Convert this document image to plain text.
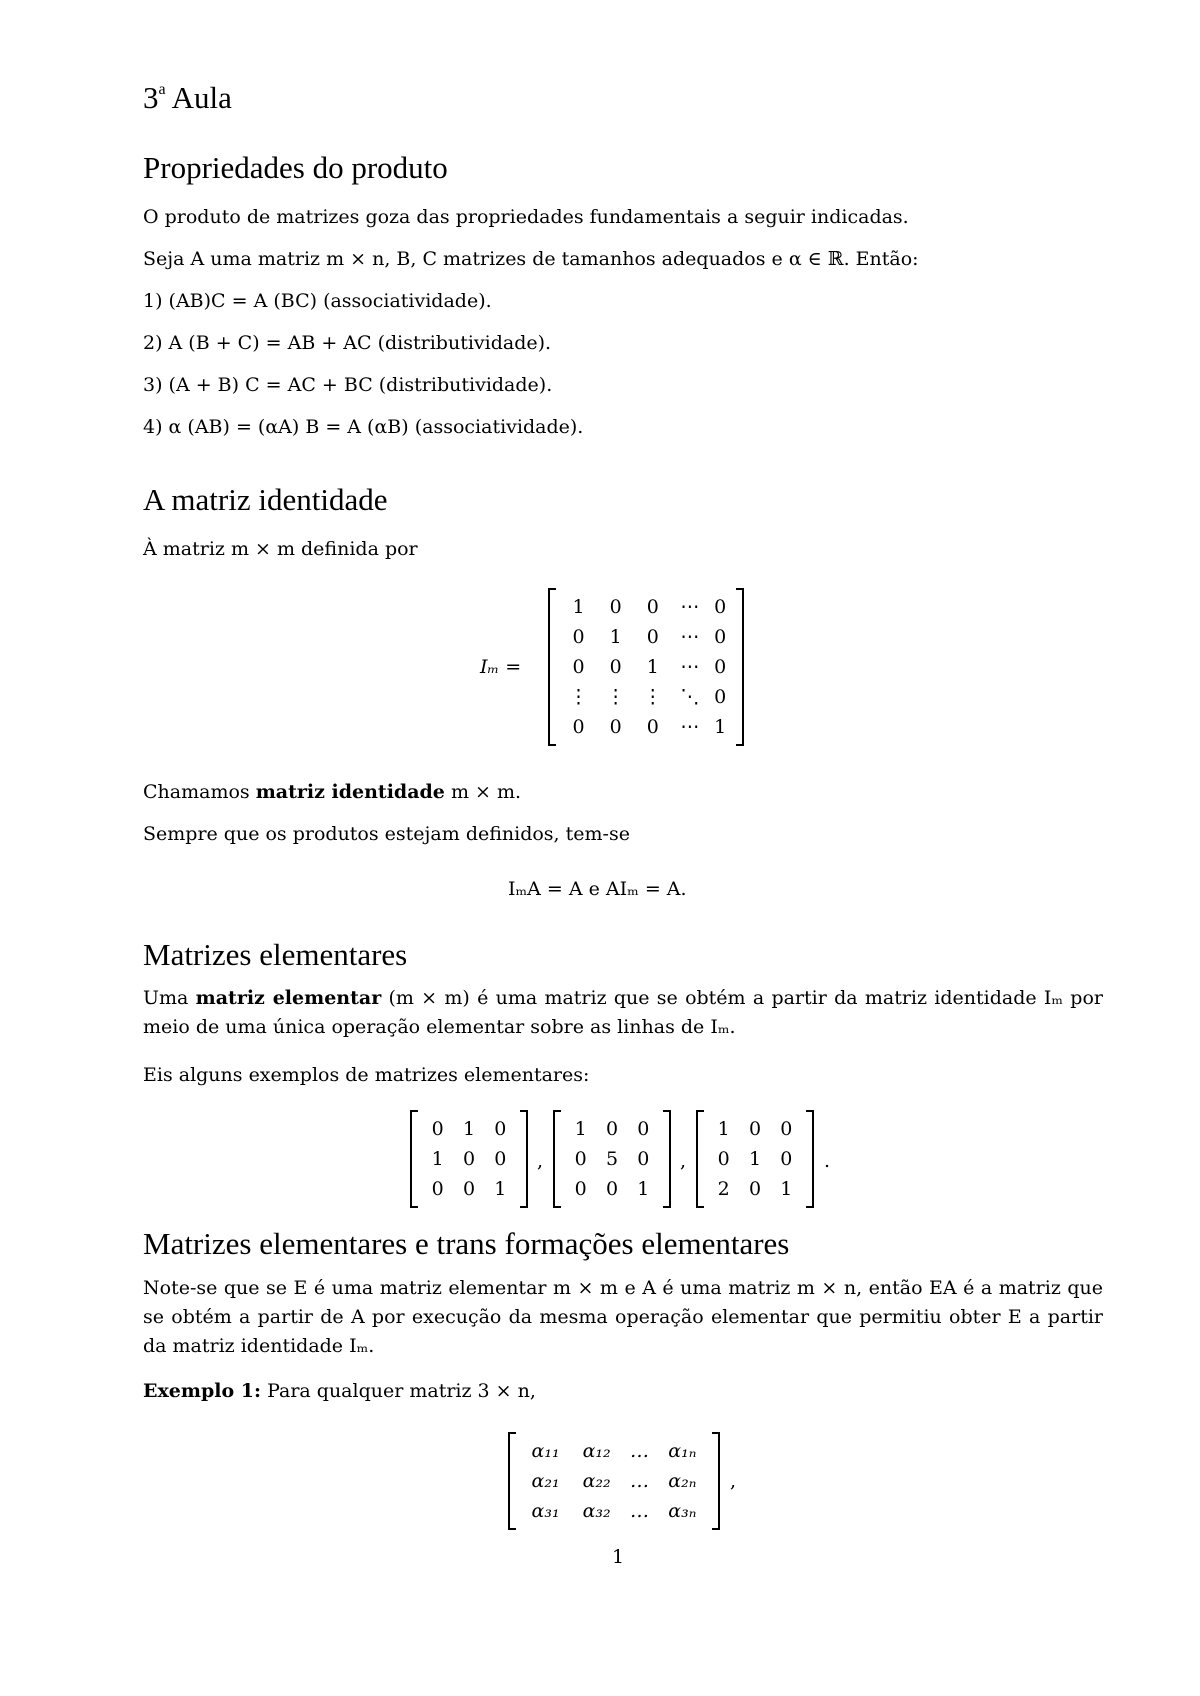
3$^a$ Aula
Propriedades do produto
O produto de matrizes goza das propriedades fundamentais a seguir indicadas.
Seja A uma matriz m × n, B, C matrizes de tamanhos adequados e α ∈ ℝ. Então:
1) (AB)C = A (BC) (associatividade).
2) A (B + C) = AB + AC (distributividade).
3) (A + B) C = AC + BC (distributividade).
4) α (AB) = (αA) B = A (αB) (associatividade).
A matriz identidade
À matriz m × m definida por
Iₘ =
1	0	0	⋯	0
0	1	0	⋯	0
0	0	1	⋯	0
⋮	⋮	⋮	⋱	0
0	0	0	⋯	1
Chamamos matriz identidade m × m.
Sempre que os produtos estejam definidos, tem-se
IₘA = A e AIₘ = A.
Matrizes elementares
Uma matriz elementar (m × m) é uma matriz que se obtém a partir da matriz identidade Iₘ por meio de uma única operação elementar sobre as linhas de Iₘ.
Eis alguns exemplos de matrizes elementares:
0	1	0
1	0	0
0	0	1
,
1	0	0
0	5	0
0	0	1
,
1	0	0
0	1	0
2	0	1
.
Matrizes elementares e trans formações elementares
Note-se que se E é uma matriz elementar m × m e A é uma matriz m × n, então EA é a matriz que se obtém a partir de A por execução da mesma operação elementar que permitiu obter E a partir da matriz identidade Iₘ.
Exemplo 1: Para qualquer matriz 3 × n,
α₁₁	α₁₂	…	α₁ₙ
α₂₁	α₂₂	…	α₂ₙ
α₃₁	α₃₂	…	α₃ₙ
,
1
